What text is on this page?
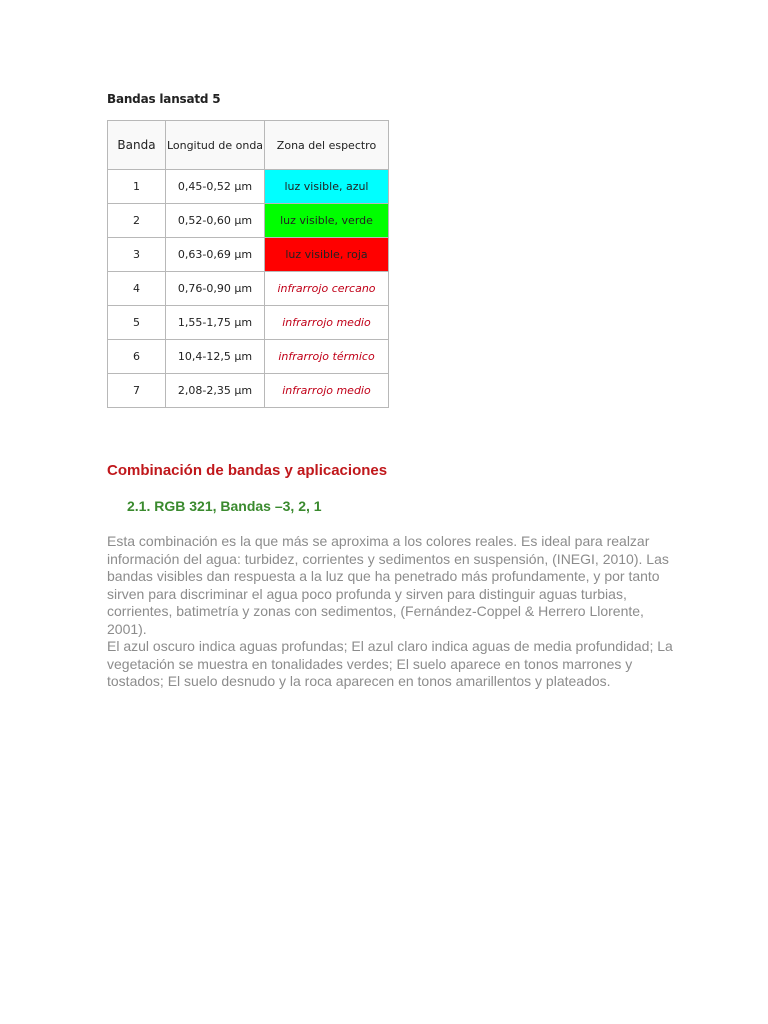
Bandas lansatd 5
Banda	Longitud de onda	Zona del espectro
1	0,45-0,52 µm	luz visible, azul
2	0,52-0,60 µm	luz visible, verde
3	0,63-0,69 µm	luz visible, roja
4	0,76-0,90 µm	infrarrojo cercano
5	1,55-1,75 µm	infrarrojo medio
6	10,4-12,5 µm	infrarrojo térmico
7	2,08-2,35 µm	infrarrojo medio
Combinación de bandas y aplicaciones
2.1. RGB 321, Bandas –3, 2, 1

Esta combinación es la que más se aproxima a los colores reales. Es ideal para realzar información del agua: turbidez, corrientes y sedimentos en suspensión, (INEGI, 2010). Las bandas visibles dan respuesta a la luz que ha penetrado más profundamente, y por tanto sirven para discriminar el agua poco profunda y sirven para distinguir aguas turbias, corrientes, batimetría y zonas con sedimentos, (Fernández-Coppel & Herrero Llorente, 2001).

El azul oscuro indica aguas profundas; El azul claro indica aguas de media profundidad; La vegetación se muestra en tonalidades verdes; El suelo aparece en tonos marrones y tostados; El suelo desnudo y la roca aparecen en tonos amarillentos y plateados.
